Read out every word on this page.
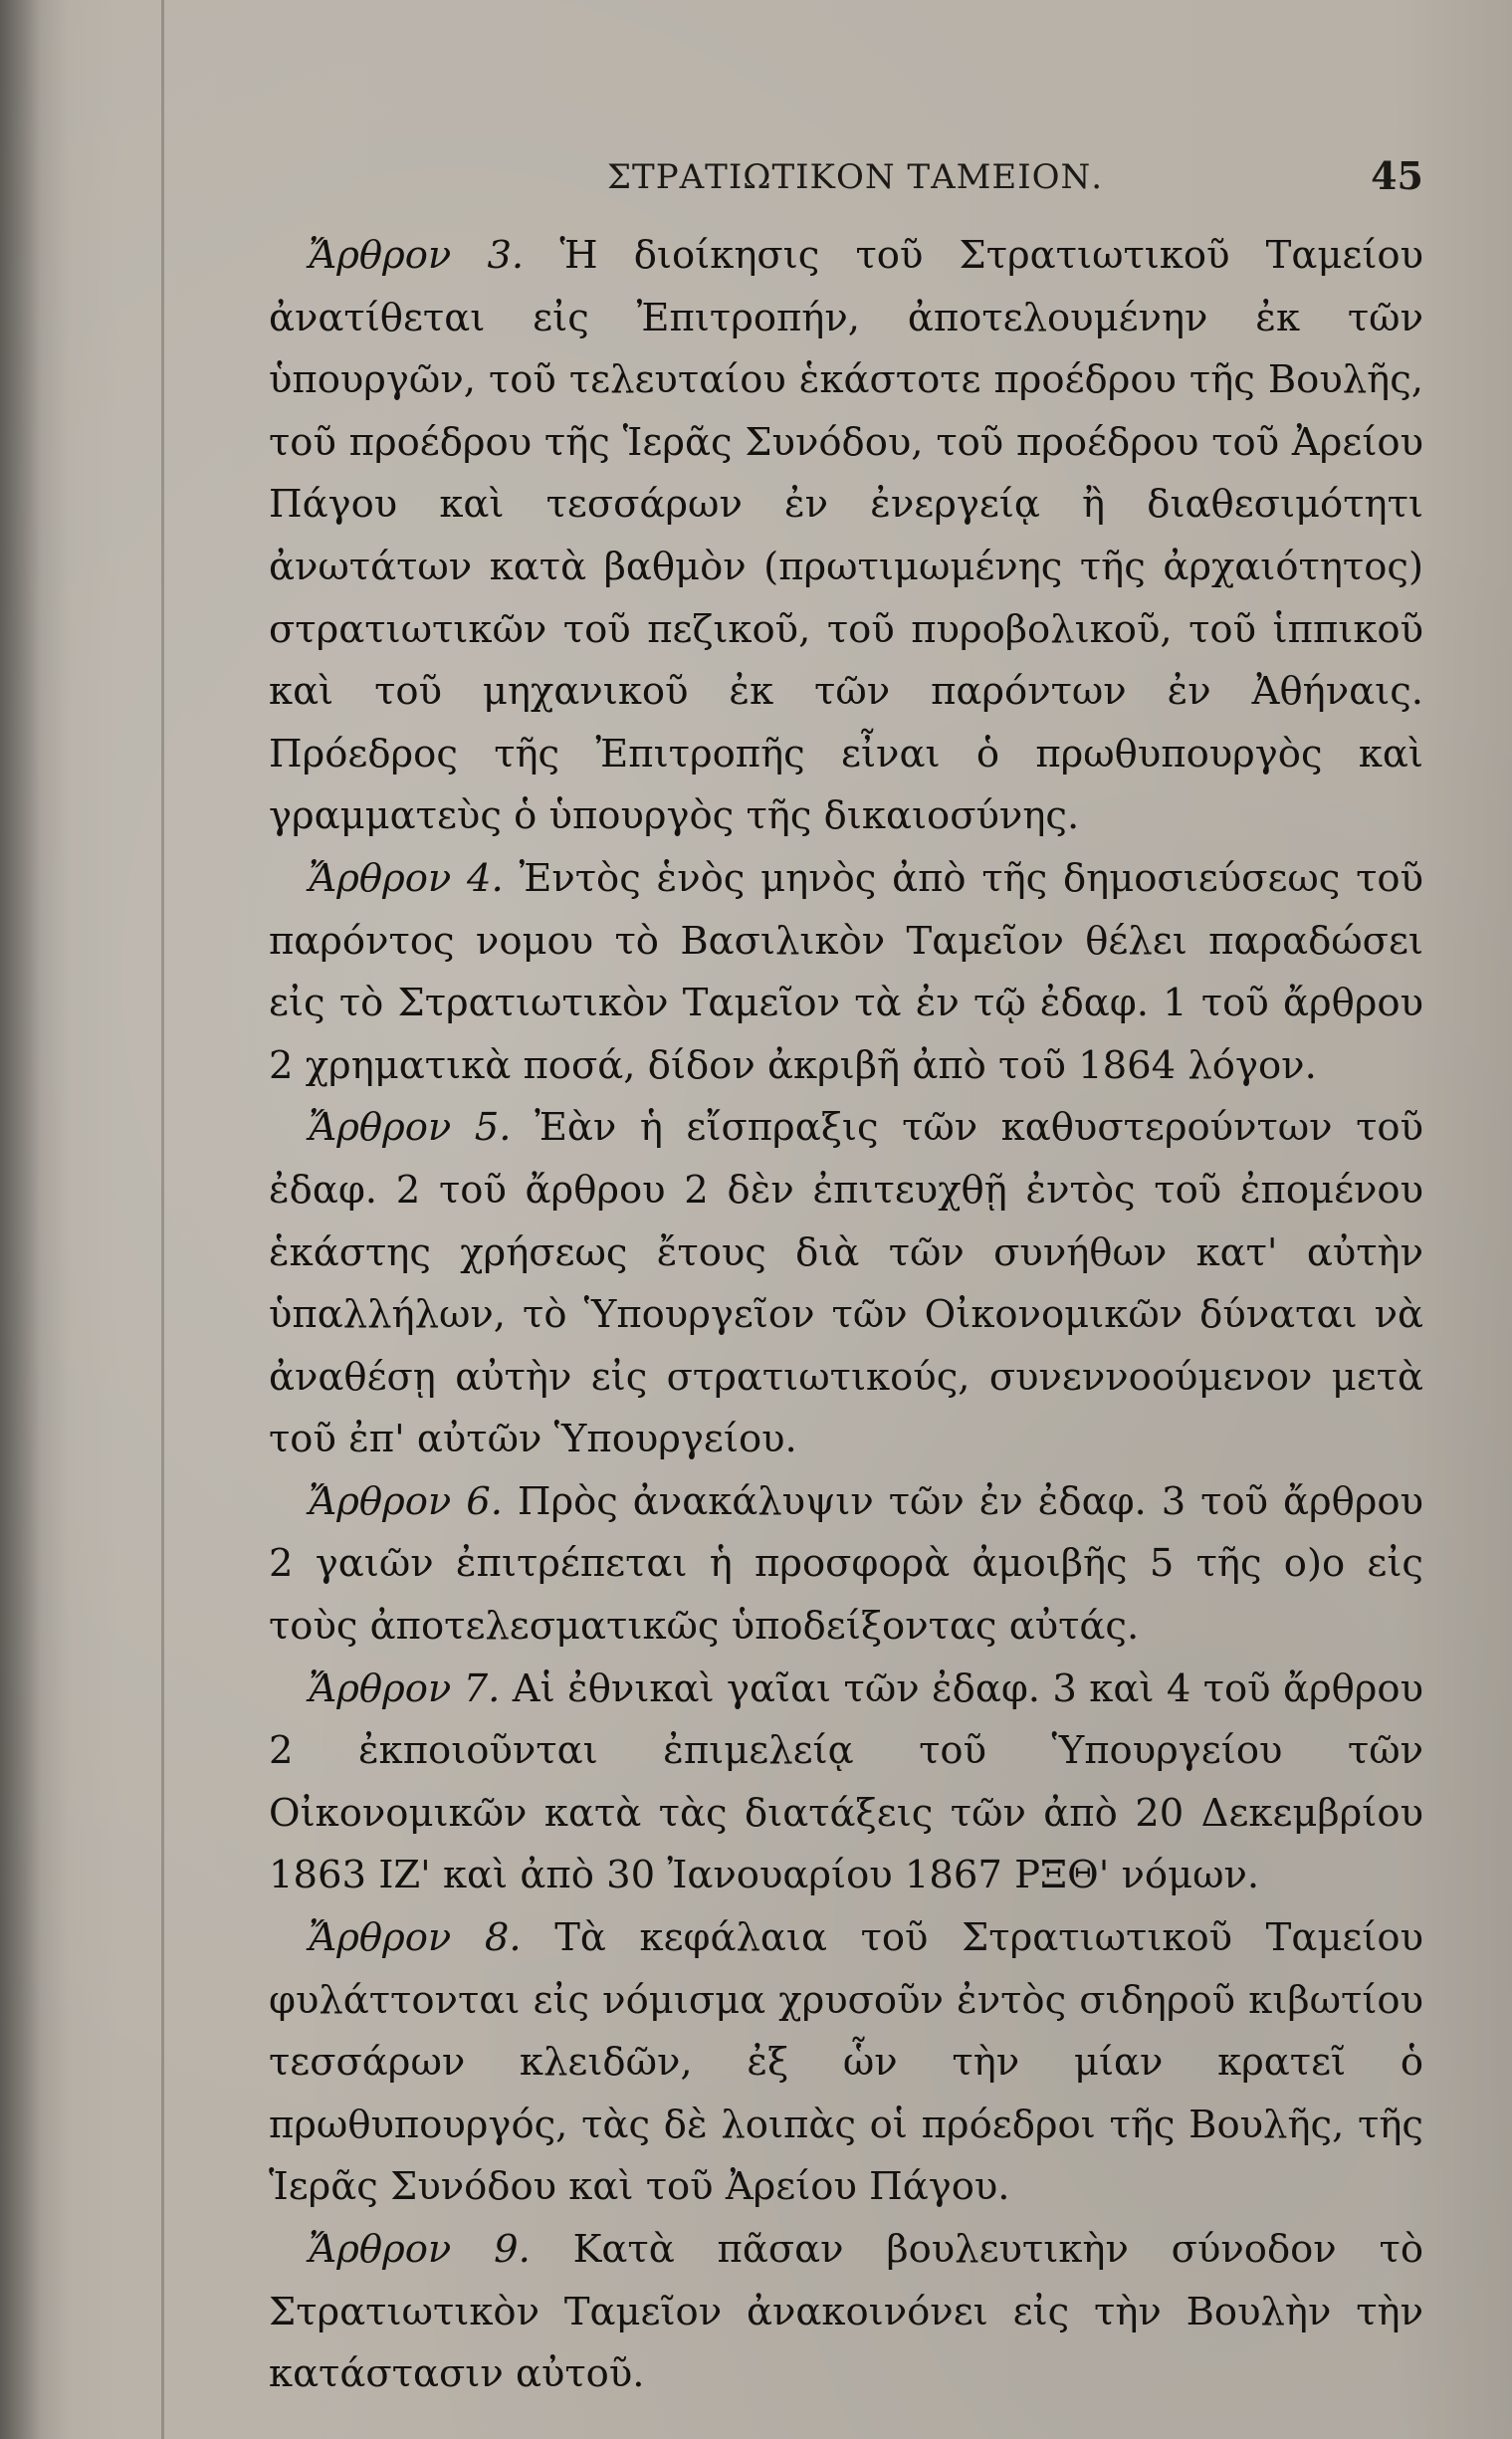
ΣΤΡΑΤΙΩΤΙΚΟΝ ΤΑΜΕΙΟΝ.	45

Ἄρθρον 3. Ἡ διοίκησις τοῦ Στρατιωτικοῦ Ταμείου ἀνατίθεται εἰς Ἐπιτροπήν, ἀποτελουμένην ἐκ τῶν ὑπουργῶν, τοῦ τελευταίου ἑκάστοτε προέδρου τῆς Βουλῆς, τοῦ προέδρου τῆς Ἱερᾶς Συνόδου, τοῦ προέδρου τοῦ Ἀρείου Πάγου καὶ τεσσάρων ἐν ἐνεργείᾳ ἢ διαθεσιμότητι ἀνωτάτων κατὰ βαθμὸν (πρωτιμωμένης τῆς ἀρχαιότητος) στρατιωτικῶν τοῦ πεζικοῦ, τοῦ πυροβολικοῦ, τοῦ ἱππικοῦ καὶ τοῦ μηχανικοῦ ἐκ τῶν παρόντων ἐν Ἀθήναις. Πρόεδρος τῆς Ἐπιτροπῆς εἶναι ὁ πρωθυπουργὸς καὶ γραμματεὺς ὁ ὑπουργὸς τῆς δικαιοσύνης.

Ἄρθρον 4. Ἐντὸς ἑνὸς μηνὸς ἀπὸ τῆς δημοσιεύσεως τοῦ παρόντος νομου τὸ Βασιλικὸν Ταμεῖον θέλει παραδώσει εἰς τὸ Στρατιωτικὸν Ταμεῖον τὰ ἐν τῷ ἐδαφ. 1 τοῦ ἄρθρου 2 χρηματικὰ ποσά, δίδον ἀκριβῆ ἀπὸ τοῦ 1864 λόγον.

Ἄρθρον 5. Ἐὰν ἡ εἴσπραξις τῶν καθυστερούντων τοῦ ἐδαφ. 2 τοῦ ἄρθρου 2 δὲν ἐπιτευχθῇ ἐντὸς τοῦ ἐπομένου ἑκάστης χρήσεως ἔτους διὰ τῶν συνήθων κατ' αὐτὴν ὑπαλλήλων, τὸ Ὑπουργεῖον τῶν Οἰκονομικῶν δύναται νὰ ἀναθέσῃ αὐτὴν εἰς στρατιωτικούς, συνεννοούμενον μετὰ τοῦ ἐπ' αὐτῶν Ὑπουργείου.

Ἄρθρον 6. Πρὸς ἀνακάλυψιν τῶν ἐν ἐδαφ. 3 τοῦ ἄρθρου 2 γαιῶν ἐπιτρέπεται ἡ προσφορὰ ἀμοιβῆς 5 τῆς ο)ο εἰς τοὺς ἀποτελεσματικῶς ὑποδείξοντας αὐτάς.

Ἄρθρον 7. Αἱ ἐθνικαὶ γαῖαι τῶν ἐδαφ. 3 καὶ 4 τοῦ ἄρθρου 2 ἐκποιοῦνται ἐπιμελείᾳ τοῦ Ὑπουργείου τῶν Οἰκονομικῶν κατὰ τὰς διατάξεις τῶν ἀπὸ 20 Δεκεμβρίου 1863 ΙΖ' καὶ ἀπὸ 30 Ἰανουαρίου 1867 ΡΞΘ' νόμων.

Ἄρθρον 8. Τὰ κεφάλαια τοῦ Στρατιωτικοῦ Ταμείου φυλάττονται εἰς νόμισμα χρυσοῦν ἐντὸς σιδηροῦ κιβωτίου τεσσάρων κλειδῶν, ἐξ ὧν τὴν μίαν κρατεῖ ὁ πρωθυπουργός, τὰς δὲ λοιπὰς οἱ πρόεδροι τῆς Βουλῆς, τῆς Ἱερᾶς Συνόδου καὶ τοῦ Ἀρείου Πάγου.

Ἄρθρον 9. Κατὰ πᾶσαν βουλευτικὴν σύνοδον τὸ Στρατιωτικὸν Ταμεῖον ἀνακοινόνει εἰς τὴν Βουλὴν τὴν κατάστασιν αὐτοῦ.
